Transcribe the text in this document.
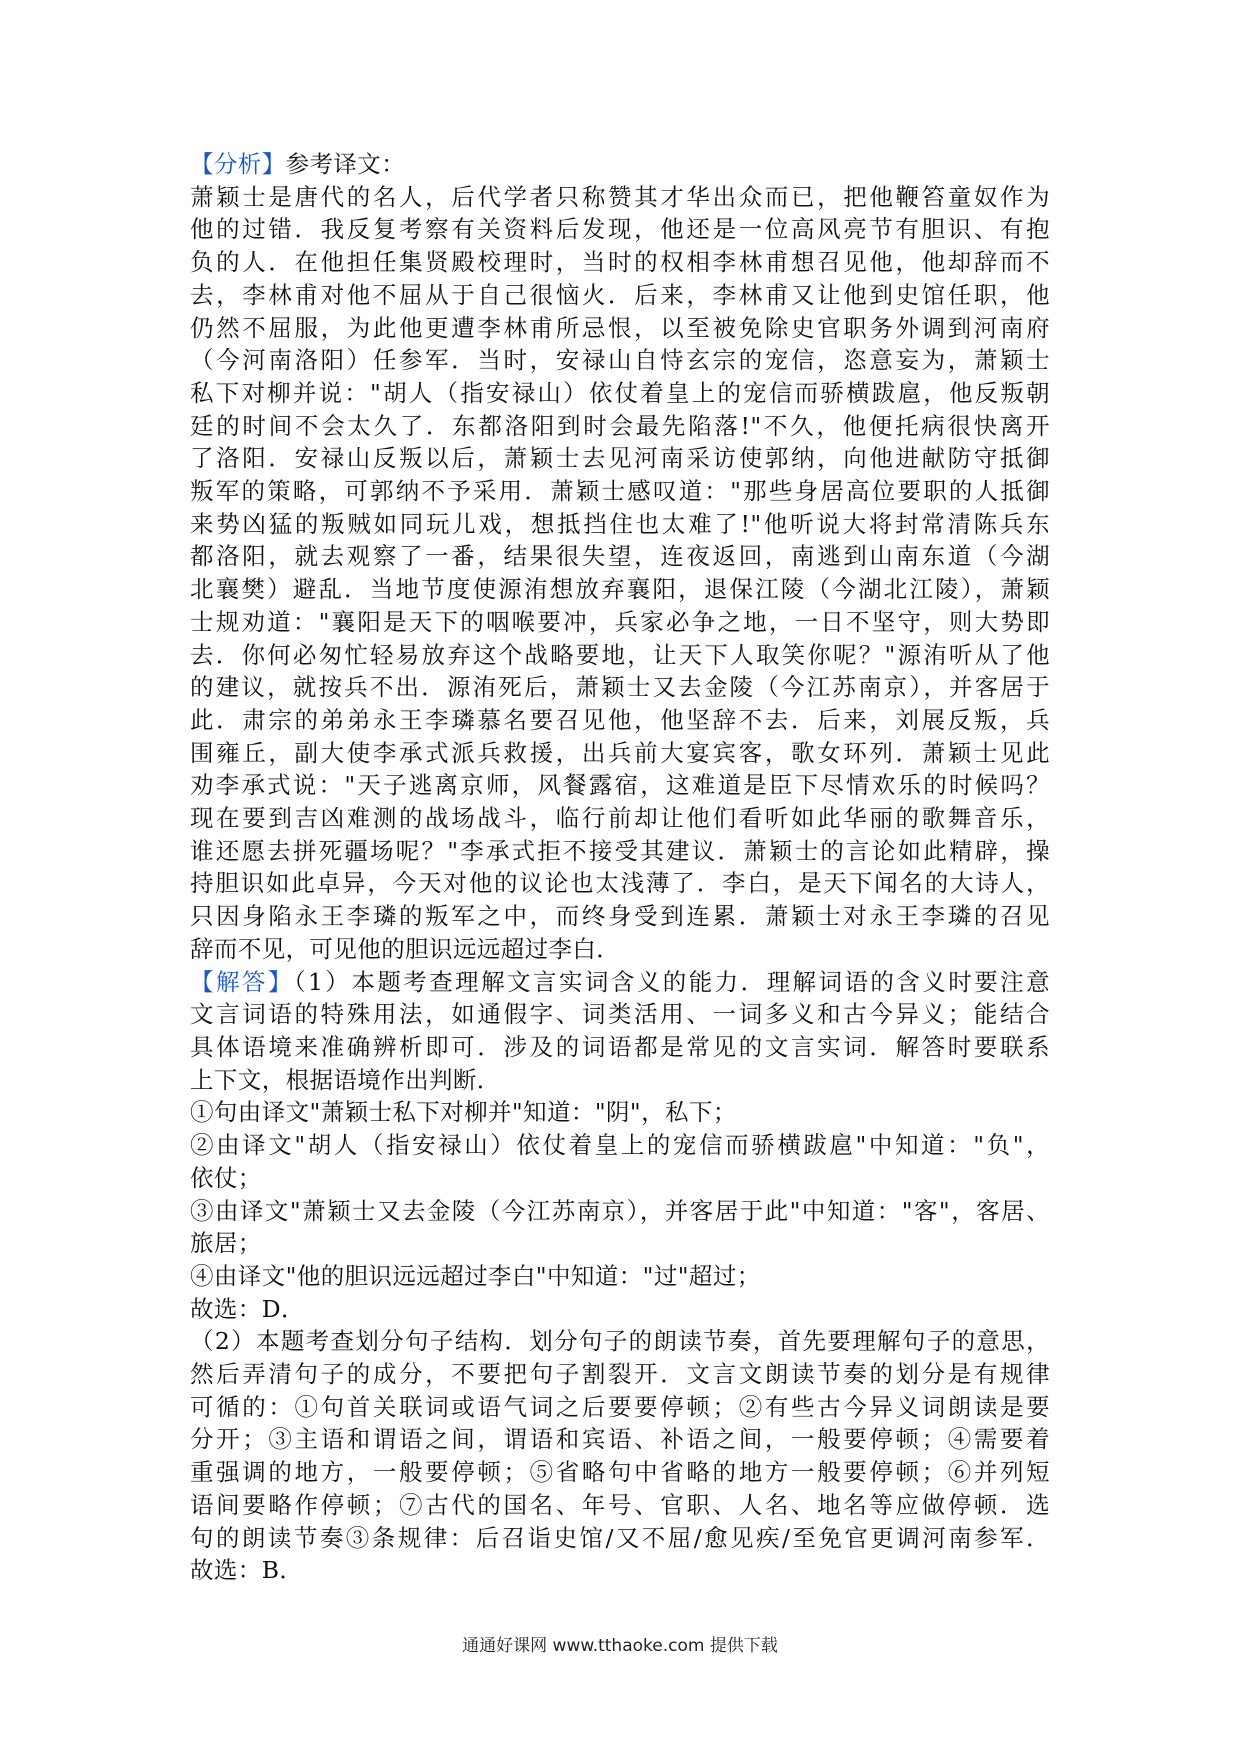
【分析】参考译文：
萧颖士是唐代的名人，后代学者只称赞其才华出众而已，把他鞭笞童奴作为
他的过错．我反复考察有关资料后发现，他还是一位高风亮节有胆识、有抱
负的人．在他担任集贤殿校理时，当时的权相李林甫想召见他，他却辞而不
去，李林甫对他不屈从于自己很恼火．后来，李林甫又让他到史馆任职，他
仍然不屈服，为此他更遭李林甫所忌恨，以至被免除史官职务外调到河南府
（今河南洛阳）任参军．当时，安禄山自恃玄宗的宠信，恣意妄为，萧颖士
私下对柳并说："胡人（指安禄山）依仗着皇上的宠信而骄横跋扈，他反叛朝
廷的时间不会太久了．东都洛阳到时会最先陷落!"不久，他便托病很快离开
了洛阳．安禄山反叛以后，萧颖士去见河南采访使郭纳，向他进献防守抵御
叛军的策略，可郭纳不予采用．萧颖士感叹道："那些身居高位要职的人抵御
来势凶猛的叛贼如同玩儿戏，想抵挡住也太难了!"他听说大将封常清陈兵东
都洛阳，就去观察了一番，结果很失望，连夜返回，南逃到山南东道（今湖
北襄樊）避乱．当地节度使源洧想放弃襄阳，退保江陵（今湖北江陵），萧颖
士规劝道："襄阳是天下的咽喉要冲，兵家必争之地，一日不坚守，则大势即
去．你何必匆忙轻易放弃这个战略要地，让天下人取笑你呢？"源洧听从了他
的建议，就按兵不出．源洧死后，萧颖士又去金陵（今江苏南京），并客居于
此．肃宗的弟弟永王李璘慕名要召见他，他坚辞不去．后来，刘展反叛，兵
围雍丘，副大使李承式派兵救援，出兵前大宴宾客，歌女环列．萧颖士见此
劝李承式说："天子逃离京师，风餐露宿，这难道是臣下尽情欢乐的时候吗？
现在要到吉凶难测的战场战斗，临行前却让他们看听如此华丽的歌舞音乐，
谁还愿去拼死疆场呢？"李承式拒不接受其建议．萧颖士的言论如此精辟，操
持胆识如此卓异，今天对他的议论也太浅薄了．李白，是天下闻名的大诗人，
只因身陷永王李璘的叛军之中，而终身受到连累．萧颖士对永王李璘的召见
辞而不见，可见他的胆识远远超过李白．
【解答】（1）本题考查理解文言实词含义的能力．理解词语的含义时要注意
文言词语的特殊用法，如通假字、词类活用、一词多义和古今异义；能结合
具体语境来准确辨析即可．涉及的词语都是常见的文言实词．解答时要联系
上下文，根据语境作出判断．
①句由译文"萧颖士私下对柳并"知道："阴"，私下；
②由译文"胡人（指安禄山）依仗着皇上的宠信而骄横跋扈"中知道："负"，
依仗；
③由译文"萧颖士又去金陵（今江苏南京），并客居于此"中知道："客"，客居、
旅居；
④由译文"他的胆识远远超过李白"中知道："过"超过；
故选：D．
（2）本题考查划分句子结构．划分句子的朗读节奏，首先要理解句子的意思，
然后弄清句子的成分，不要把句子割裂开．文言文朗读节奏的划分是有规律
可循的：①句首关联词或语气词之后要要停顿；②有些古今异义词朗读是要
分开；③主语和谓语之间，谓语和宾语、补语之间，一般要停顿；④需要着
重强调的地方，一般要停顿；⑤省略句中省略的地方一般要停顿；⑥并列短
语间要略作停顿；⑦古代的国名、年号、官职、人名、地名等应做停顿．选
句的朗读节奏③条规律：后召诣史馆/又不屈/愈见疾/至免官更调河南参军．
故选：B．
通通好课网 www.tthaoke.com 提供下载
